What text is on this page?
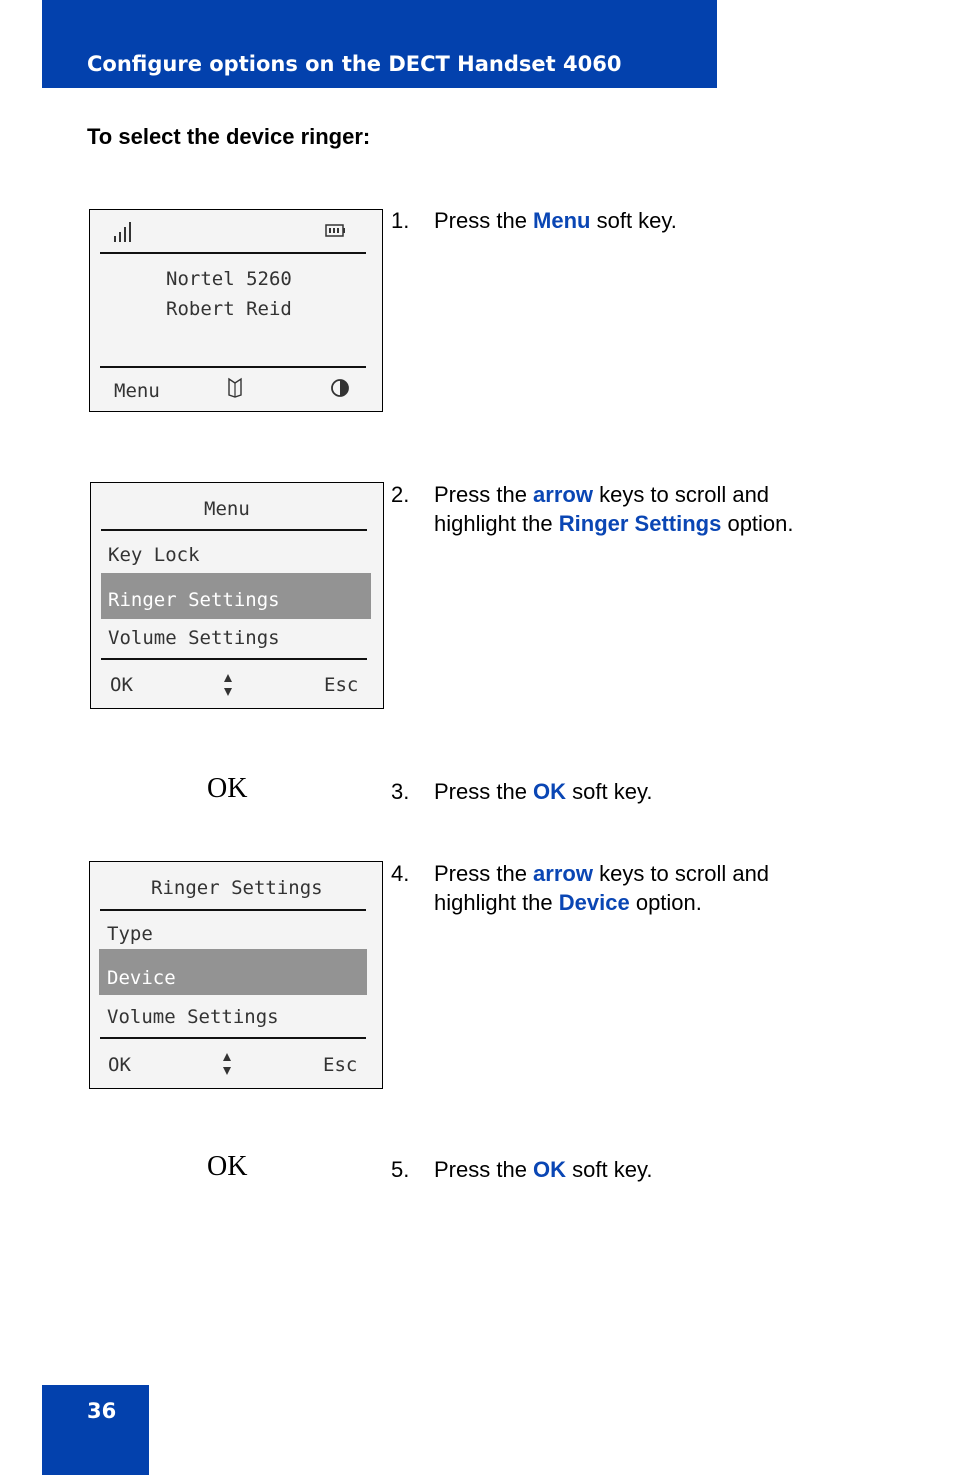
Configure options on the DECT Handset 4060
To select the device ringer:
Nortel 5260
Robert Reid
Menu
1. Press the Menu soft key.
Menu
Key Lock
Ringer Settings
Volume Settings
OK	Esc
2. Press the arrow keys to scroll and
highlight the Ringer Settings option.
OK	3. Press the OK soft key.
Ringer Settings
Type
Device
Volume Settings
OK	Esc
4. Press the arrow keys to scroll and
highlight the Device option.
OK	5. Press the OK soft key.
36
